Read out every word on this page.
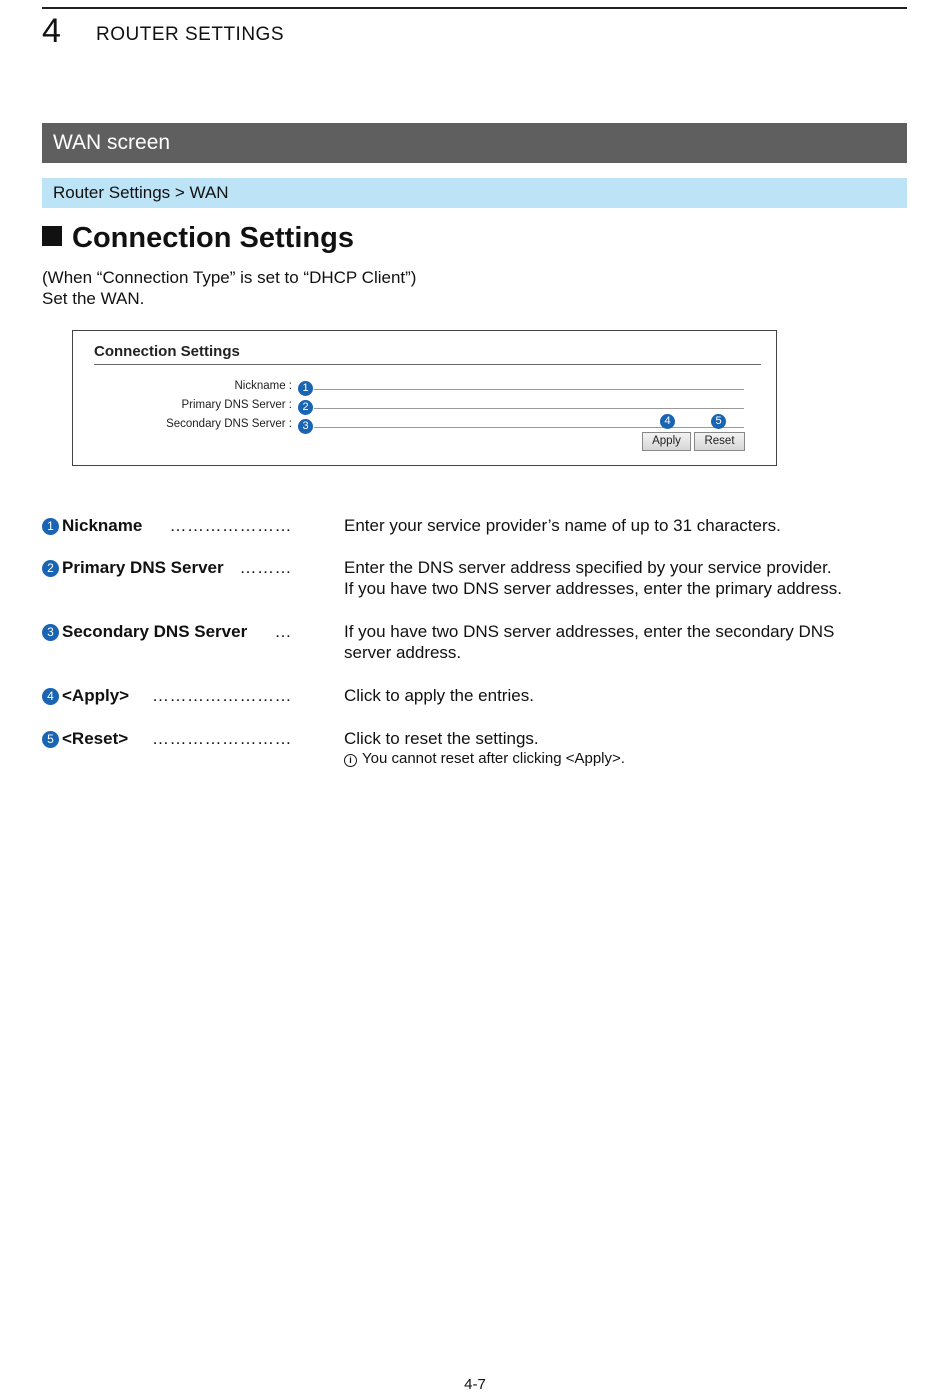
4 ROUTER SETTINGS
WAN screen
Router Settings > WAN
Connection Settings
(When “Connection Type” is set to “DHCP Client”)
Set the WAN.
Connection Settings
Nickname : 1
Primary DNS Server : 2
Secondary DNS Server : 3	4	5
Apply	Reset
1 Nickname …………………	Enter your service provider’s name of up to 31 characters.
2 Primary DNS Server ………	Enter the DNS server address specified by your service provider.
If you have two DNS server addresses, enter the primary address.
3 Secondary DNS Server …	If you have two DNS server addresses, enter the secondary DNS
server address.
4 <Apply> ……………………	Click to apply the entries.
5 <Reset> ……………………	Click to reset the settings.
i You cannot reset after clicking <Apply>.
4-7
